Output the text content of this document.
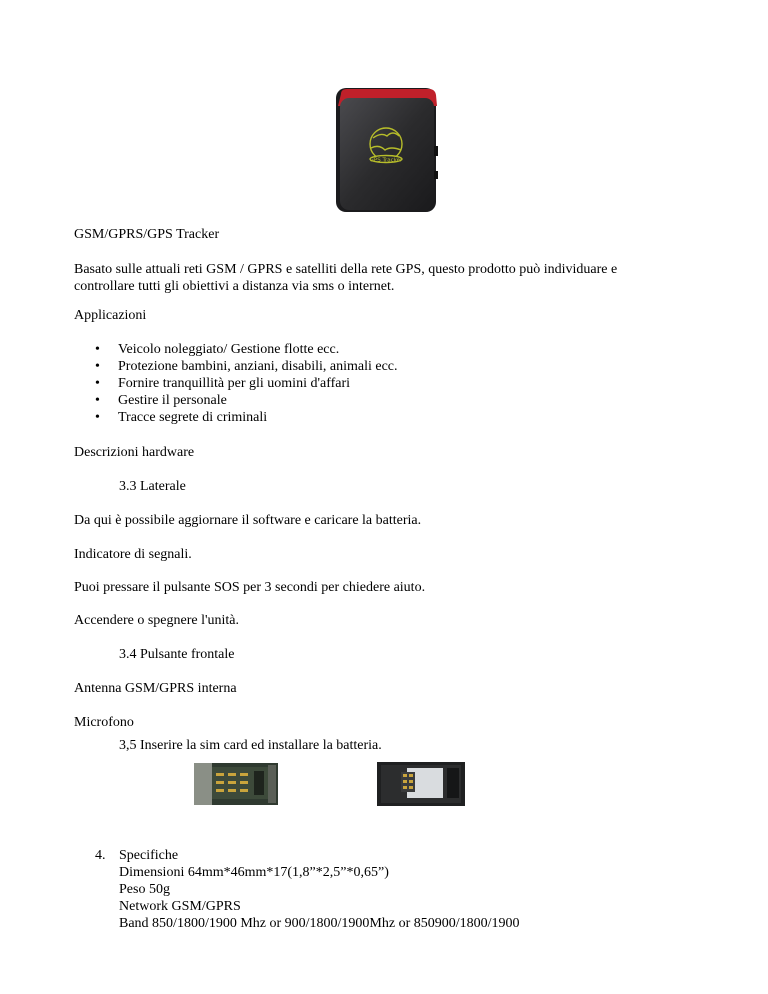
GPS Tracker
GSM/GPRS/GPS Tracker
Basato sulle attuali reti GSM / GPRS e satelliti della rete GPS, questo prodotto può individuare e
controllare tutti gli obiettivi a distanza via sms o internet.
Applicazioni
• Veicolo noleggiato/ Gestione flotte ecc.
• Protezione bambini, anziani, disabili, animali ecc.
• Fornire tranquillità per gli uomini d'affari
• Gestire il personale
• Tracce segrete di criminali
Descrizioni hardware
3.3 Laterale
Da qui è possibile aggiornare il software e caricare la batteria.
Indicatore di segnali.
Puoi pressare il pulsante SOS per 3 secondi per chiedere aiuto.
Accendere o spegnere l'unità.
3.4 Pulsante frontale
Antenna GSM/GPRS interna
Microfono
3,5 Inserire la sim card ed installare la batteria.
4. Specifiche
Dimensioni 64mm*46mm*17(1,8”*2,5”*0,65”)
Peso 50g
Network GSM/GPRS
Band 850/1800/1900 Mhz or 900/1800/1900Mhz or 850900/1800/1900
